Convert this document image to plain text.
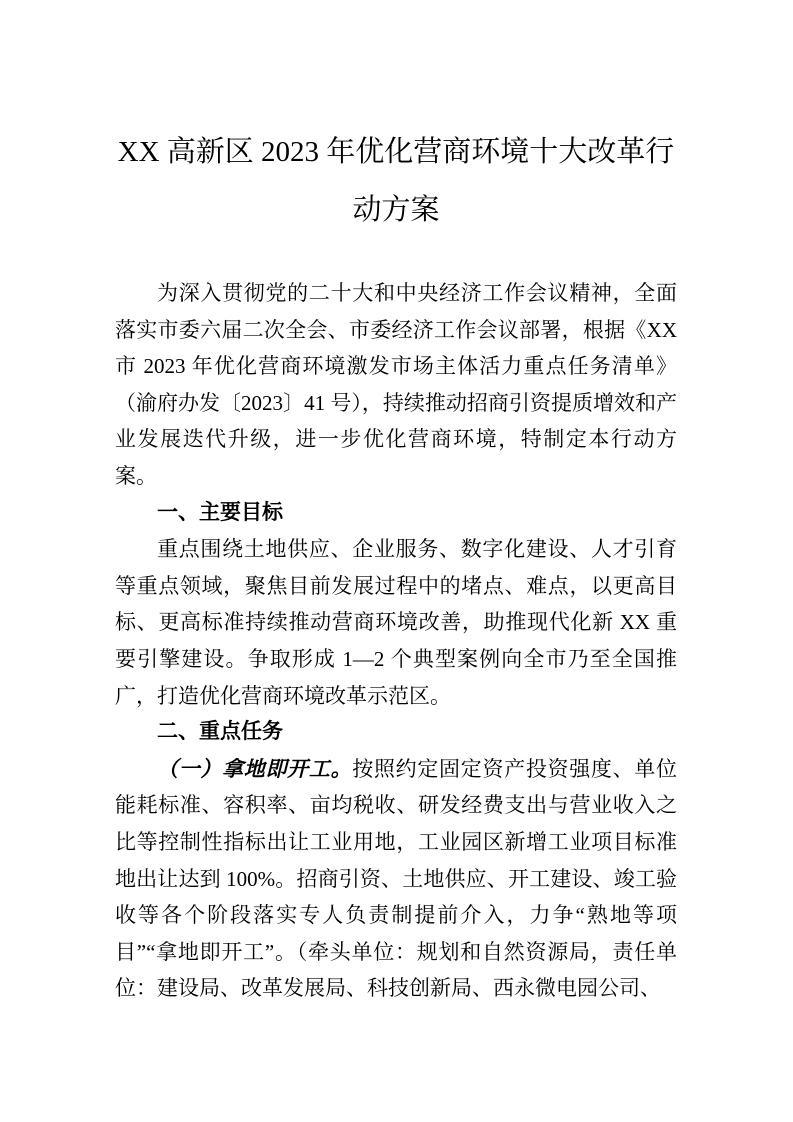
XX 高新区 2023 年优化营商环境十大改革行动方案

为深入贯彻党的二十大和中央经济工作会议精神，全面落实市委六届二次全会、市委经济工作会议部署，根据《XX 市 2023 年优化营商环境激发市场主体活力重点任务清单》（渝府办发〔2023〕41 号），持续推动招商引资提质增效和产业发展迭代升级，进一步优化营商环境，特制定本行动方案。

一、主要目标

重点围绕土地供应、企业服务、数字化建设、人才引育等重点领域，聚焦目前发展过程中的堵点、难点，以更高目标、更高标准持续推动营商环境改善，助推现代化新 XX 重要引擎建设。争取形成 1—2 个典型案例向全市乃至全国推广，打造优化营商环境改革示范区。

二、重点任务

（一）拿地即开工。按照约定固定资产投资强度、单位能耗标准、容积率、亩均税收、研发经费支出与营业收入之比等控制性指标出让工业用地，工业园区新增工业项目标准地出让达到 100%。招商引资、土地供应、开工建设、竣工验收等各个阶段落实专人负责制提前介入，力争“熟地等项目”“拿地即开工”。（牵头单位：规划和自然资源局，责任单位：建设局、改革发展局、科技创新局、西永微电园公司、
